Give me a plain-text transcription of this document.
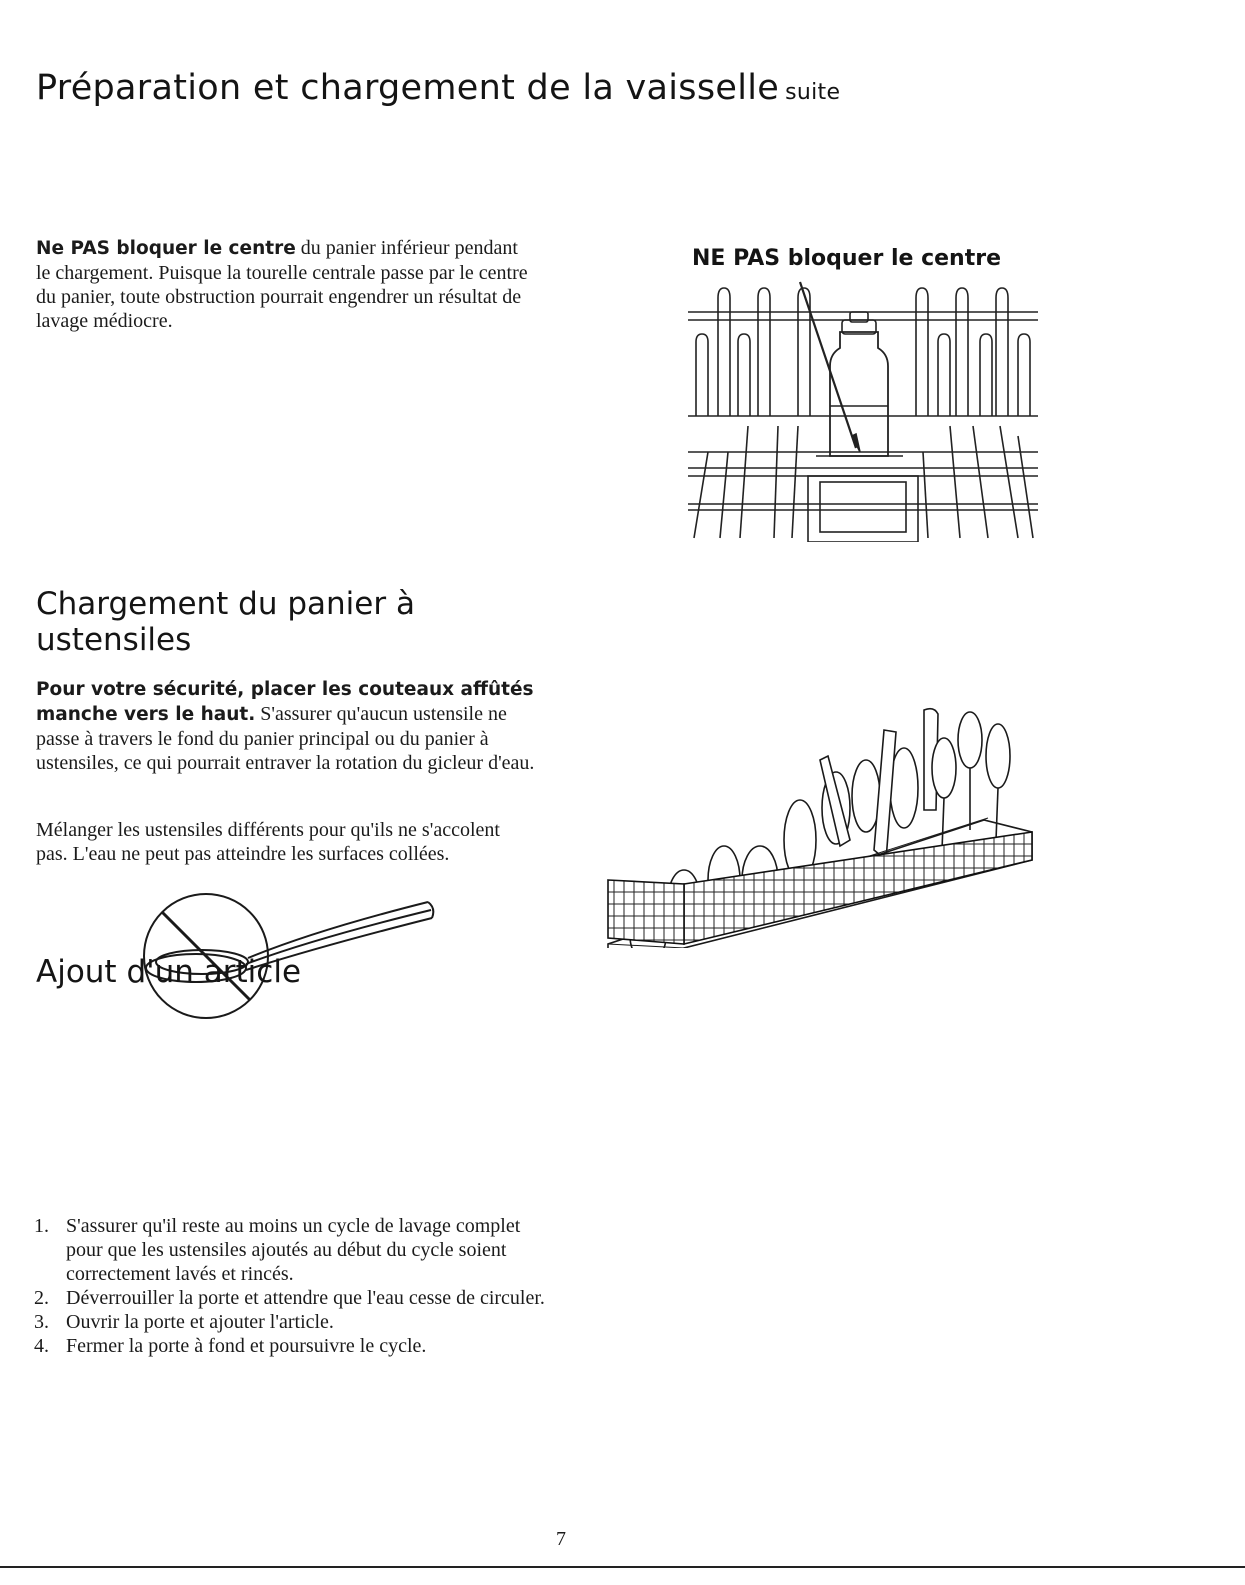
Préparation et chargement de la vaisselle suite
Ne PAS bloquer le centre du panier inférieur pendant le chargement. Puisque la tourelle centrale passe par le centre du panier, toute obstruction pourrait engendrer un résultat de lavage médiocre.
NE PAS bloquer le centre
Chargement du panier à ustensiles
Pour votre sécurité, placer les couteaux affûtés manche vers le haut. S'assurer qu'aucun ustensile ne passe à travers le fond du panier principal ou du panier à ustensiles, ce qui pourrait entraver la rotation du gicleur d'eau.
Mélanger les ustensiles différents pour qu'ils ne s'accolent pas. L'eau ne peut pas atteindre les surfaces collées.
Ajout d'un article
1. S'assurer qu'il reste au moins un cycle de lavage complet pour que les ustensiles ajoutés au début du cycle soient correctement lavés et rincés.
2. Déverrouiller la porte et attendre que l'eau cesse de circuler.
3. Ouvrir la porte et ajouter l'article.
4. Fermer la porte à fond et poursuivre le cycle.
7
